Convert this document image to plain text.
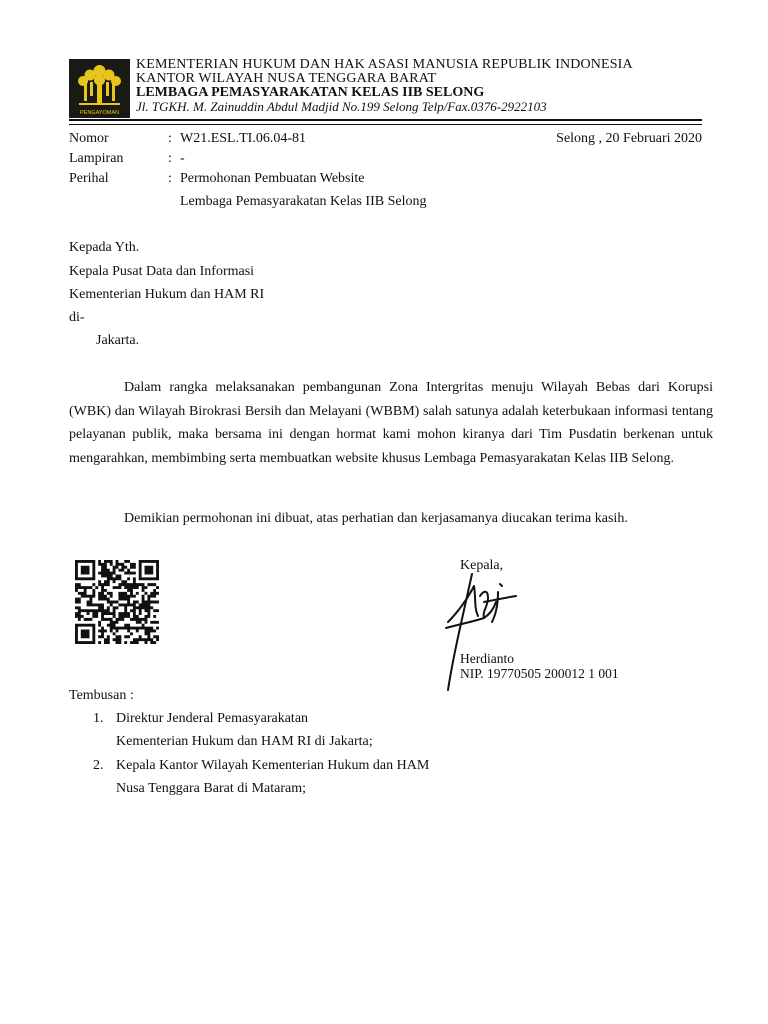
PENGAYOMAN
KEMENTERIAN HUKUM DAN HAK ASASI MANUSIA REPUBLIK INDONESIA
KANTOR WILAYAH NUSA TENGGARA BARAT
LEMBAGA PEMASYARAKATAN KELAS IIB SELONG
Jl. TGKH. M. Zainuddin Abdul Madjid No.199 Selong Telp/Fax.0376-2922103
Nomor	: W21.ESL.TI.06.04-81	Selong , 20 Februari 2020
Lampiran	: -
Perihal	: Permohonan Pembuatan Website
Lembaga Pemasyarakatan Kelas IIB Selong
Kepada Yth.
Kepala Pusat Data dan Informasi
Kementerian Hukum dan HAM RI
di-
Jakarta.
Dalam rangka melaksanakan pembangunan Zona Intergritas menuju Wilayah Bebas dari Korupsi (WBK) dan Wilayah Birokrasi Bersih dan Melayani (WBBM) salah satunya adalah keterbukaan informasi tentang pelayanan publik, maka bersama ini dengan hormat kami mohon kiranya dari Tim Pusdatin berkenan untuk mengarahkan, membimbing serta membuatkan website khusus Lembaga Pemasyarakatan Kelas IIB Selong.
Demikian permohonan ini dibuat, atas perhatian dan kerjasamanya diucakan terima kasih.
Kepala,
Herdianto
NIP. 19770505 200012 1 001
Tembusan :
1. Direktur Jenderal Pemasyarakatan
Kementerian Hukum dan HAM RI di Jakarta;
2. Kepala Kantor Wilayah Kementerian Hukum dan HAM
Nusa Tenggara Barat di Mataram;
